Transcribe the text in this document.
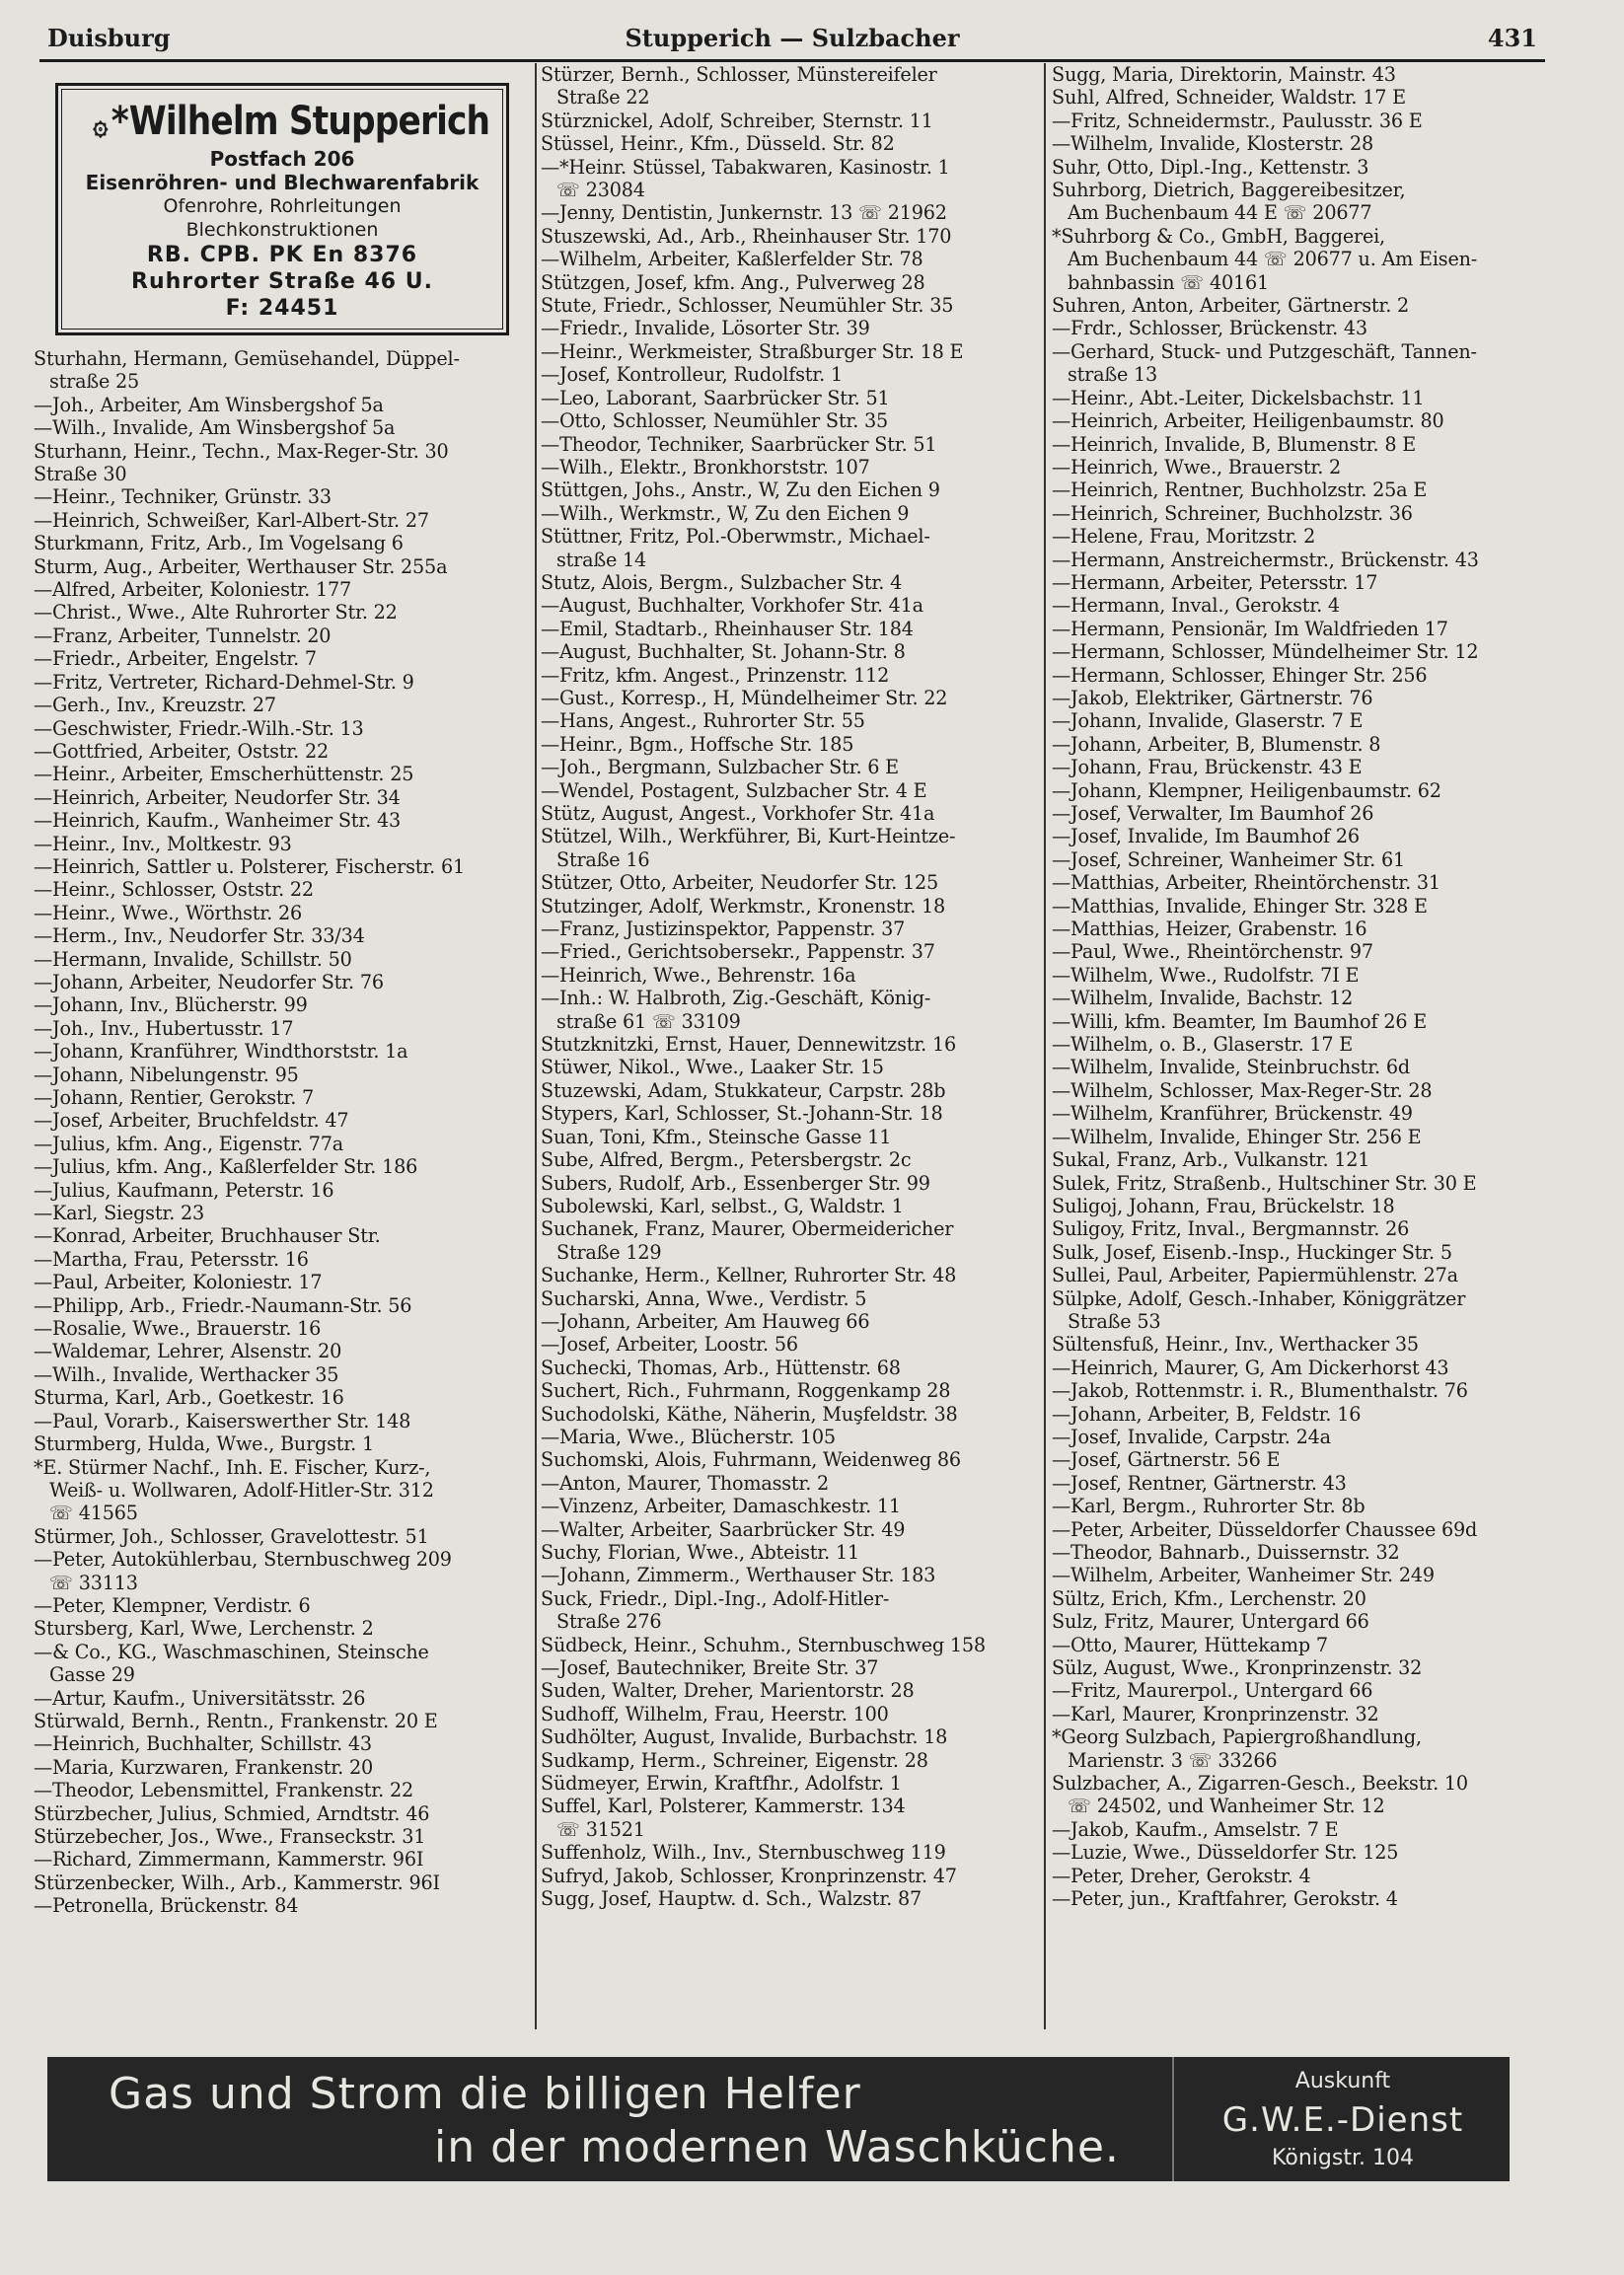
Duisburg	Stupperich — Sulzbacher	431
۞*Wilhelm Stupperich
Postfach 206
Eisenröhren- und Blechwarenfabrik
Ofenrohre, Rohrleitungen
Blechkonstruktionen
RB. CPB. PK En 8376
Ruhrorter Straße 46 U.
F: 24451

Sturhahn, Hermann, Gemüsehandel, Düppel-

straße 25

—Joh., Arbeiter, Am Winsbergshof 5a

—Wilh., Invalide, Am Winsbergshof 5a

Sturhann, Heinr., Techn., Max-Reger-Str. 30

Straße 30

—Heinr., Techniker, Grünstr. 33

—Heinrich, Schweißer, Karl-Albert-Str. 27

Sturkmann, Fritz, Arb., Im Vogelsang 6

Sturm, Aug., Arbeiter, Werthauser Str. 255a

—Alfred, Arbeiter, Koloniestr. 177

—Christ., Wwe., Alte Ruhrorter Str. 22

—Franz, Arbeiter, Tunnelstr. 20

—Friedr., Arbeiter, Engelstr. 7

—Fritz, Vertreter, Richard-Dehmel-Str. 9

—Gerh., Inv., Kreuzstr. 27

—Geschwister, Friedr.-Wilh.-Str. 13

—Gottfried, Arbeiter, Oststr. 22

—Heinr., Arbeiter, Emscherhüttenstr. 25

—Heinrich, Arbeiter, Neudorfer Str. 34

—Heinrich, Kaufm., Wanheimer Str. 43

—Heinr., Inv., Moltkestr. 93

—Heinrich, Sattler u. Polsterer, Fischerstr. 61

—Heinr., Schlosser, Oststr. 22

—Heinr., Wwe., Wörthstr. 26

—Herm., Inv., Neudorfer Str. 33/34

—Hermann, Invalide, Schillstr. 50

—Johann, Arbeiter, Neudorfer Str. 76

—Johann, Inv., Blücherstr. 99

—Joh., Inv., Hubertusstr. 17

—Johann, Kranführer, Windthorststr. 1a

—Johann, Nibelungenstr. 95

—Johann, Rentier, Gerokstr. 7

—Josef, Arbeiter, Bruchfeldstr. 47

—Julius, kfm. Ang., Eigenstr. 77a

—Julius, kfm. Ang., Kaßlerfelder Str. 186

—Julius, Kaufmann, Peterstr. 16

—Karl, Siegstr. 23

—Konrad, Arbeiter, Bruchhauser Str.

—Martha, Frau, Petersstr. 16

—Paul, Arbeiter, Koloniestr. 17

—Philipp, Arb., Friedr.-Naumann-Str. 56

—Rosalie, Wwe., Brauerstr. 16

—Waldemar, Lehrer, Alsenstr. 20

—Wilh., Invalide, Werthacker 35

Sturma, Karl, Arb., Goetkestr. 16

—Paul, Vorarb., Kaiserswerther Str. 148

Sturmberg, Hulda, Wwe., Burgstr. 1

*E. Stürmer Nachf., Inh. E. Fischer, Kurz-,

Weiß- u. Wollwaren, Adolf-Hitler-Str. 312

☏ 41565

Stürmer, Joh., Schlosser, Gravelottestr. 51

—Peter, Autokühlerbau, Sternbuschweg 209

☏ 33113

—Peter, Klempner, Verdistr. 6

Stursberg, Karl, Wwe, Lerchenstr. 2

—& Co., KG., Waschmaschinen, Steinsche

Gasse 29

—Artur, Kaufm., Universitätsstr. 26

Stürwald, Bernh., Rentn., Frankenstr. 20 E

—Heinrich, Buchhalter, Schillstr. 43

—Maria, Kurzwaren, Frankenstr. 20

—Theodor, Lebensmittel, Frankenstr. 22

Stürzbecher, Julius, Schmied, Arndtstr. 46

Stürzebecher, Jos., Wwe., Franseckstr. 31

—Richard, Zimmermann, Kammerstr. 96I

Stürzenbecker, Wilh., Arb., Kammerstr. 96I

—Petronella, Brückenstr. 84

Stürzer, Bernh., Schlosser, Münstereifeler

Straße 22

Stürznickel, Adolf, Schreiber, Sternstr. 11

Stüssel, Heinr., Kfm., Düsseld. Str. 82

—*Heinr. Stüssel, Tabakwaren, Kasinostr. 1

☏ 23084

—Jenny, Dentistin, Junkernstr. 13 ☏ 21962

Stuszewski, Ad., Arb., Rheinhauser Str. 170

—Wilhelm, Arbeiter, Kaßlerfelder Str. 78

Stützgen, Josef, kfm. Ang., Pulverweg 28

Stute, Friedr., Schlosser, Neumühler Str. 35

—Friedr., Invalide, Lösorter Str. 39

—Heinr., Werkmeister, Straßburger Str. 18 E

—Josef, Kontrolleur, Rudolfstr. 1

—Leo, Laborant, Saarbrücker Str. 51

—Otto, Schlosser, Neumühler Str. 35

—Theodor, Techniker, Saarbrücker Str. 51

—Wilh., Elektr., Bronkhorststr. 107

Stüttgen, Johs., Anstr., W, Zu den Eichen 9

—Wilh., Werkmstr., W, Zu den Eichen 9

Stüttner, Fritz, Pol.-Oberwmstr., Michael-

straße 14

Stutz, Alois, Bergm., Sulzbacher Str. 4

—August, Buchhalter, Vorkhofer Str. 41a

—Emil, Stadtarb., Rheinhauser Str. 184

—August, Buchhalter, St. Johann-Str. 8

—Fritz, kfm. Angest., Prinzenstr. 112

—Gust., Korresp., H, Mündelheimer Str. 22

—Hans, Angest., Ruhrorter Str. 55

—Heinr., Bgm., Hoffsche Str. 185

—Joh., Bergmann, Sulzbacher Str. 6 E

—Wendel, Postagent, Sulzbacher Str. 4 E

Stütz, August, Angest., Vorkhofer Str. 41a

Stützel, Wilh., Werkführer, Bi, Kurt-Heintze-

Straße 16

Stützer, Otto, Arbeiter, Neudorfer Str. 125

Stutzinger, Adolf, Werkmstr., Kronenstr. 18

—Franz, Justizinspektor, Pappenstr. 37

—Fried., Gerichtsobersekr., Pappenstr. 37

—Heinrich, Wwe., Behrenstr. 16a

—Inh.: W. Halbroth, Zig.-Geschäft, König-

straße 61 ☏ 33109

Stutzknitzki, Ernst, Hauer, Dennewitzstr. 16

Stüwer, Nikol., Wwe., Laaker Str. 15

Stuzewski, Adam, Stukkateur, Carpstr. 28b

Stypers, Karl, Schlosser, St.-Johann-Str. 18

Suan, Toni, Kfm., Steinsche Gasse 11

Sube, Alfred, Bergm., Petersbergstr. 2c

Subers, Rudolf, Arb., Essenberger Str. 99

Subolewski, Karl, selbst., G, Waldstr. 1

Suchanek, Franz, Maurer, Obermeidericher

Straße 129

Suchanke, Herm., Kellner, Ruhrorter Str. 48

Sucharski, Anna, Wwe., Verdistr. 5

—Johann, Arbeiter, Am Hauweg 66

—Josef, Arbeiter, Loostr. 56

Suchecki, Thomas, Arb., Hüttenstr. 68

Suchert, Rich., Fuhrmann, Roggenkamp 28

Suchodolski, Käthe, Näherin, Muşfeldstr. 38

—Maria, Wwe., Blücherstr. 105

Suchomski, Alois, Fuhrmann, Weidenweg 86

—Anton, Maurer, Thomasstr. 2

—Vinzenz, Arbeiter, Damaschkestr. 11

—Walter, Arbeiter, Saarbrücker Str. 49

Suchy, Florian, Wwe., Abteistr. 11

—Johann, Zimmerm., Werthauser Str. 183

Suck, Friedr., Dipl.-Ing., Adolf-Hitler-

Straße 276

Südbeck, Heinr., Schuhm., Sternbuschweg 158

—Josef, Bautechniker, Breite Str. 37

Suden, Walter, Dreher, Marientorstr. 28

Sudhoff, Wilhelm, Frau, Heerstr. 100

Sudhölter, August, Invalide, Burbachstr. 18

Sudkamp, Herm., Schreiner, Eigenstr. 28

Südmeyer, Erwin, Kraftfhr., Adolfstr. 1

Suffel, Karl, Polsterer, Kammerstr. 134

☏ 31521

Suffenholz, Wilh., Inv., Sternbuschweg 119

Sufryd, Jakob, Schlosser, Kronprinzenstr. 47

Sugg, Josef, Hauptw. d. Sch., Walzstr. 87

Sugg, Maria, Direktorin, Mainstr. 43

Suhl, Alfred, Schneider, Waldstr. 17 E

—Fritz, Schneidermstr., Paulusstr. 36 E

—Wilhelm, Invalide, Klosterstr. 28

Suhr, Otto, Dipl.-Ing., Kettenstr. 3

Suhrborg, Dietrich, Baggereibesitzer,

Am Buchenbaum 44 E ☏ 20677

*Suhrborg & Co., GmbH, Baggerei,

Am Buchenbaum 44 ☏ 20677 u. Am Eisen-

bahnbassin ☏ 40161

Suhren, Anton, Arbeiter, Gärtnerstr. 2

—Frdr., Schlosser, Brückenstr. 43

—Gerhard, Stuck- und Putzgeschäft, Tannen-

straße 13

—Heinr., Abt.-Leiter, Dickelsbachstr. 11

—Heinrich, Arbeiter, Heiligenbaumstr. 80

—Heinrich, Invalide, B, Blumenstr. 8 E

—Heinrich, Wwe., Brauerstr. 2

—Heinrich, Rentner, Buchholzstr. 25a E

—Heinrich, Schreiner, Buchholzstr. 36

—Helene, Frau, Moritzstr. 2

—Hermann, Anstreichermstr., Brückenstr. 43

—Hermann, Arbeiter, Petersstr. 17

—Hermann, Inval., Gerokstr. 4

—Hermann, Pensionär, Im Waldfrieden 17

—Hermann, Schlosser, Mündelheimer Str. 12

—Hermann, Schlosser, Ehinger Str. 256

—Jakob, Elektriker, Gärtnerstr. 76

—Johann, Invalide, Glaserstr. 7 E

—Johann, Arbeiter, B, Blumenstr. 8

—Johann, Frau, Brückenstr. 43 E

—Johann, Klempner, Heiligenbaumstr. 62

—Josef, Verwalter, Im Baumhof 26

—Josef, Invalide, Im Baumhof 26

—Josef, Schreiner, Wanheimer Str. 61

—Matthias, Arbeiter, Rheintörchenstr. 31

—Matthias, Invalide, Ehinger Str. 328 E

—Matthias, Heizer, Grabenstr. 16

—Paul, Wwe., Rheintörchenstr. 97

—Wilhelm, Wwe., Rudolfstr. 7I E

—Wilhelm, Invalide, Bachstr. 12

—Willi, kfm. Beamter, Im Baumhof 26 E

—Wilhelm, o. B., Glaserstr. 17 E

—Wilhelm, Invalide, Steinbruchstr. 6d

—Wilhelm, Schlosser, Max-Reger-Str. 28

—Wilhelm, Kranführer, Brückenstr. 49

—Wilhelm, Invalide, Ehinger Str. 256 E

Sukal, Franz, Arb., Vulkanstr. 121

Sulek, Fritz, Straßenb., Hultschiner Str. 30 E

Suligoj, Johann, Frau, Brückelstr. 18

Suligoy, Fritz, Inval., Bergmannstr. 26

Sulk, Josef, Eisenb.-Insp., Huckinger Str. 5

Sullei, Paul, Arbeiter, Papiermühlenstr. 27a

Sülpke, Adolf, Gesch.-Inhaber, Königgrätzer

Straße 53

Sültensfuß, Heinr., Inv., Werthacker 35

—Heinrich, Maurer, G, Am Dickerhorst 43

—Jakob, Rottenmstr. i. R., Blumenthalstr. 76

—Johann, Arbeiter, B, Feldstr. 16

—Josef, Invalide, Carpstr. 24a

—Josef, Gärtnerstr. 56 E

—Josef, Rentner, Gärtnerstr. 43

—Karl, Bergm., Ruhrorter Str. 8b

—Peter, Arbeiter, Düsseldorfer Chaussee 69d

—Theodor, Bahnarb., Duissernstr. 32

—Wilhelm, Arbeiter, Wanheimer Str. 249

Sültz, Erich, Kfm., Lerchenstr. 20

Sulz, Fritz, Maurer, Untergard 66

—Otto, Maurer, Hüttekamp 7

Sülz, August, Wwe., Kronprinzenstr. 32

—Fritz, Maurerpol., Untergard 66

—Karl, Maurer, Kronprinzenstr. 32

*Georg Sulzbach, Papiergroßhandlung,

Marienstr. 3 ☏ 33266

Sulzbacher, A., Zigarren-Gesch., Beekstr. 10

☏ 24502, und Wanheimer Str. 12

—Jakob, Kaufm., Amselstr. 7 E

—Luzie, Wwe., Düsseldorfer Str. 125

—Peter, Dreher, Gerokstr. 4

—Peter, jun., Kraftfahrer, Gerokstr. 4

Gas und Strom die billigen Helfer
in der modernen Waschküche.
Auskunft
G.W.E.-Dienst
Königstr. 104
